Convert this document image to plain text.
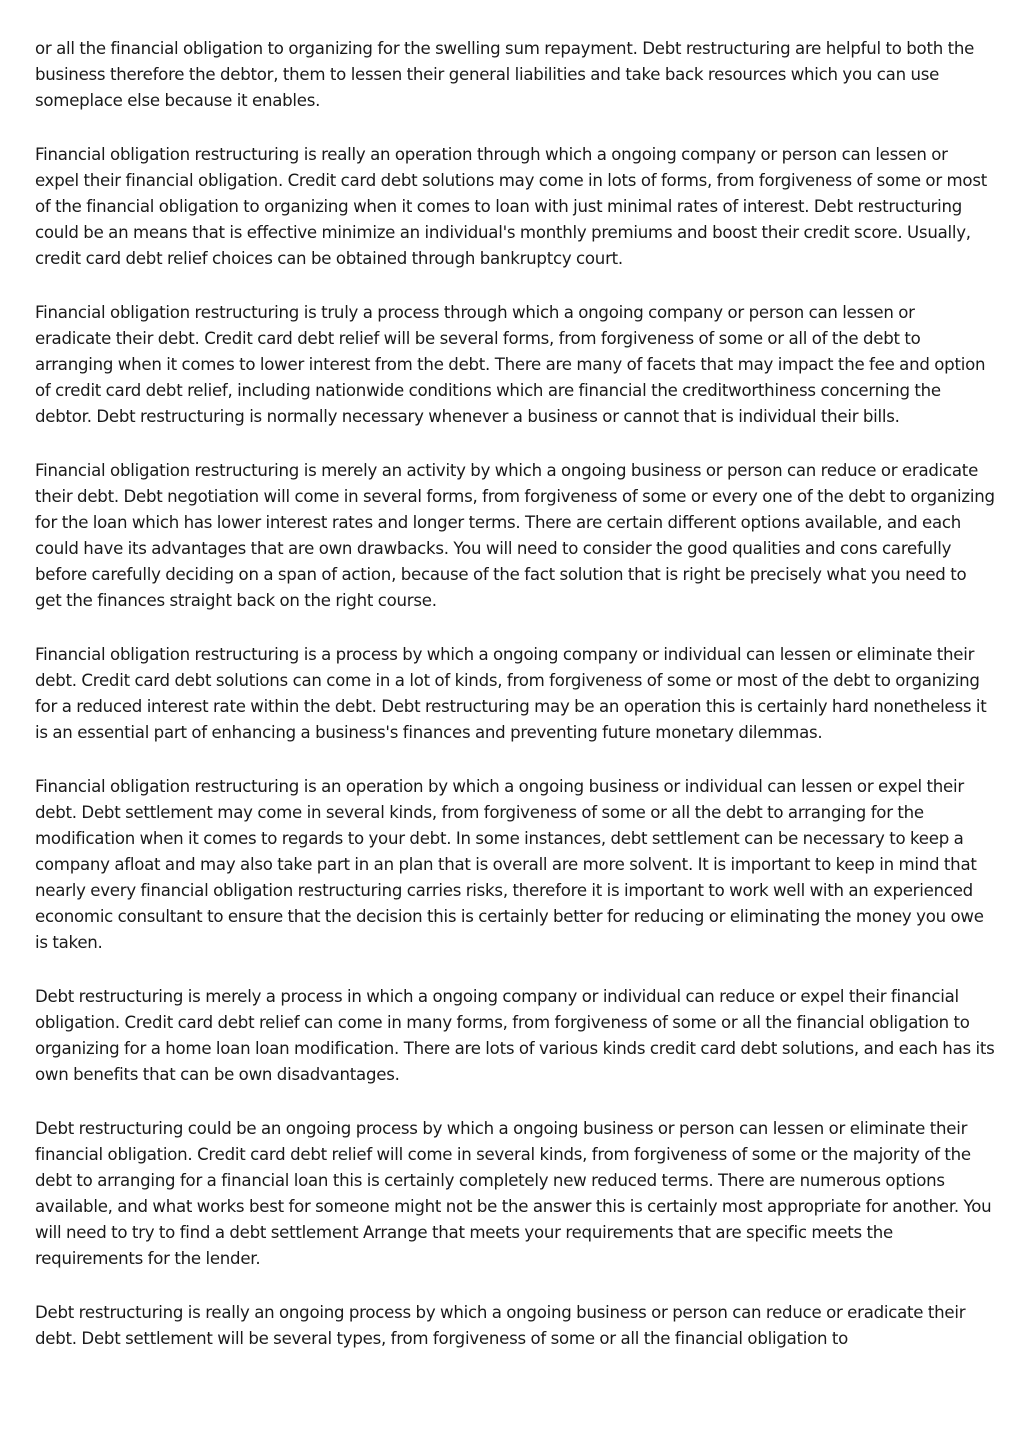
or all the financial obligation to organizing for the swelling sum repayment. Debt restructuring are helpful to both the business therefore the debtor, them to lessen their general liabilities and take back resources which you can use someplace else because it enables.

Financial obligation restructuring is really an operation through which a ongoing company or person can lessen or expel their financial obligation. Credit card debt solutions may come in lots of forms, from forgiveness of some or most of the financial obligation to organizing when it comes to loan with just minimal rates of interest. Debt restructuring could be an means that is effective minimize an individual's monthly premiums and boost their credit score. Usually, credit card debt relief choices can be obtained through bankruptcy court.

Financial obligation restructuring is truly a process through which a ongoing company or person can lessen or eradicate their debt. Credit card debt relief will be several forms, from forgiveness of some or all of the debt to arranging when it comes to lower interest from the debt. There are many of facets that may impact the fee and option of credit card debt relief, including nationwide conditions which are financial the creditworthiness concerning the debtor. Debt restructuring is normally necessary whenever a business or cannot that is individual their bills.

Financial obligation restructuring is merely an activity by which a ongoing business or person can reduce or eradicate their debt. Debt negotiation will come in several forms, from forgiveness of some or every one of the debt to organizing for the loan which has lower interest rates and longer terms. There are certain different options available, and each could have its advantages that are own drawbacks. You will need to consider the good qualities and cons carefully before carefully deciding on a span of action, because of the fact solution that is right be precisely what you need to get the finances straight back on the right course.

Financial obligation restructuring is a process by which a ongoing company or individual can lessen or eliminate their debt. Credit card debt solutions can come in a lot of kinds, from forgiveness of some or most of the debt to organizing for a reduced interest rate within the debt. Debt restructuring may be an operation this is certainly hard nonetheless it is an essential part of enhancing a business's finances and preventing future monetary dilemmas.

Financial obligation restructuring is an operation by which a ongoing business or individual can lessen or expel their debt. Debt settlement may come in several kinds, from forgiveness of some or all the debt to arranging for the modification when it comes to regards to your debt. In some instances, debt settlement can be necessary to keep a company afloat and may also take part in an plan that is overall are more solvent. It is important to keep in mind that nearly every financial obligation restructuring carries risks, therefore it is important to work well with an experienced economic consultant to ensure that the decision this is certainly better for reducing or eliminating the money you owe is taken.

Debt restructuring is merely a process in which a ongoing company or individual can reduce or expel their financial obligation. Credit card debt relief can come in many forms, from forgiveness of some or all the financial obligation to organizing for a home loan loan modification. There are lots of various kinds credit card debt solutions, and each has its own benefits that can be own disadvantages.

Debt restructuring could be an ongoing process by which a ongoing business or person can lessen or eliminate their financial obligation. Credit card debt relief will come in several kinds, from forgiveness of some or the majority of the debt to arranging for a financial loan this is certainly completely new reduced terms. There are numerous options available, and what works best for someone might not be the answer this is certainly most appropriate for another. You will need to try to find a debt settlement Arrange that meets your requirements that are specific meets the requirements for the lender.

Debt restructuring is really an ongoing process by which a ongoing business or person can reduce or eradicate their debt. Debt settlement will be several types, from forgiveness of some or all the financial obligation to
